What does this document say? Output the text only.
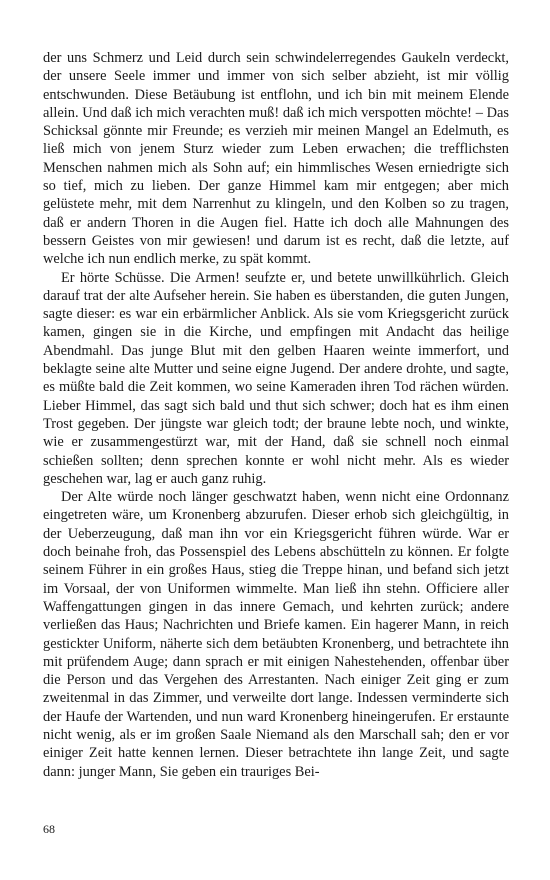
der uns Schmerz und Leid durch sein schwindelerregendes Gaukeln verdeckt, der unsere Seele immer und immer von sich selber abzieht, ist mir völlig entschwunden. Diese Betäubung ist entflohn, und ich bin mit meinem Elende allein. Und daß ich mich verachten muß! daß ich mich verspotten möchte! – Das Schicksal gönnte mir Freunde; es verzieh mir meinen Mangel an Edelmuth, es ließ mich von jenem Sturz wieder zum Leben erwachen; die trefflichsten Menschen nahmen mich als Sohn auf; ein himmlisches Wesen erniedrigte sich so tief, mich zu lieben. Der ganze Himmel kam mir entgegen; aber mich gelüstete mehr, mit dem Narrenhut zu klingeln, und den Kolben so zu tragen, daß er andern Thoren in die Augen fiel. Hatte ich doch alle Mahnungen des bessern Geistes von mir gewiesen! und darum ist es recht, daß die letzte, auf welche ich nun endlich merke, zu spät kommt.

Er hörte Schüsse. Die Armen! seufzte er, und betete unwillkührlich. Gleich darauf trat der alte Aufseher herein. Sie haben es überstanden, die guten Jungen, sagte dieser: es war ein erbärmlicher Anblick. Als sie vom Kriegsgericht zurück kamen, gingen sie in die Kirche, und empfingen mit Andacht das heilige Abendmahl. Das junge Blut mit den gelben Haaren weinte immerfort, und beklagte seine alte Mutter und seine eigne Jugend. Der andere drohte, und sagte, es müßte bald die Zeit kommen, wo seine Kameraden ihren Tod rächen würden. Lieber Himmel, das sagt sich bald und thut sich schwer; doch hat es ihm einen Trost gegeben. Der jüngste war gleich todt; der braune lebte noch, und winkte, wie er zusammengestürzt war, mit der Hand, daß sie schnell noch einmal schießen sollten; denn sprechen konnte er wohl nicht mehr. Als es wieder geschehen war, lag er auch ganz ruhig.

Der Alte würde noch länger geschwatzt haben, wenn nicht eine Ordonnanz eingetreten wäre, um Kronenberg abzurufen. Dieser erhob sich gleichgültig, in der Ueberzeugung, daß man ihn vor ein Kriegsgericht führen würde. War er doch beinahe froh, das Possenspiel des Lebens abschütteln zu können. Er folgte seinem Führer in ein großes Haus, stieg die Treppe hinan, und befand sich jetzt im Vorsaal, der von Uniformen wimmelte. Man ließ ihn stehn. Officiere aller Waffengattungen gingen in das innere Gemach, und kehrten zurück; andere verließen das Haus; Nachrichten und Briefe kamen. Ein hagerer Mann, in reich gestickter Uniform, näherte sich dem betäubten Kronenberg, und betrachtete ihn mit prüfendem Auge; dann sprach er mit einigen Nahestehenden, offenbar über die Person und das Vergehen des Arrestanten. Nach einiger Zeit ging er zum zweitenmal in das Zimmer, und verweilte dort lange. Indessen verminderte sich der Haufe der Wartenden, und nun ward Kronenberg hineingerufen. Er erstaunte nicht wenig, als er im großen Saale Niemand als den Marschall sah; den er vor einiger Zeit hatte kennen lernen. Dieser betrachtete ihn lange Zeit, und sagte dann: junger Mann, Sie geben ein trauriges Bei-

68
